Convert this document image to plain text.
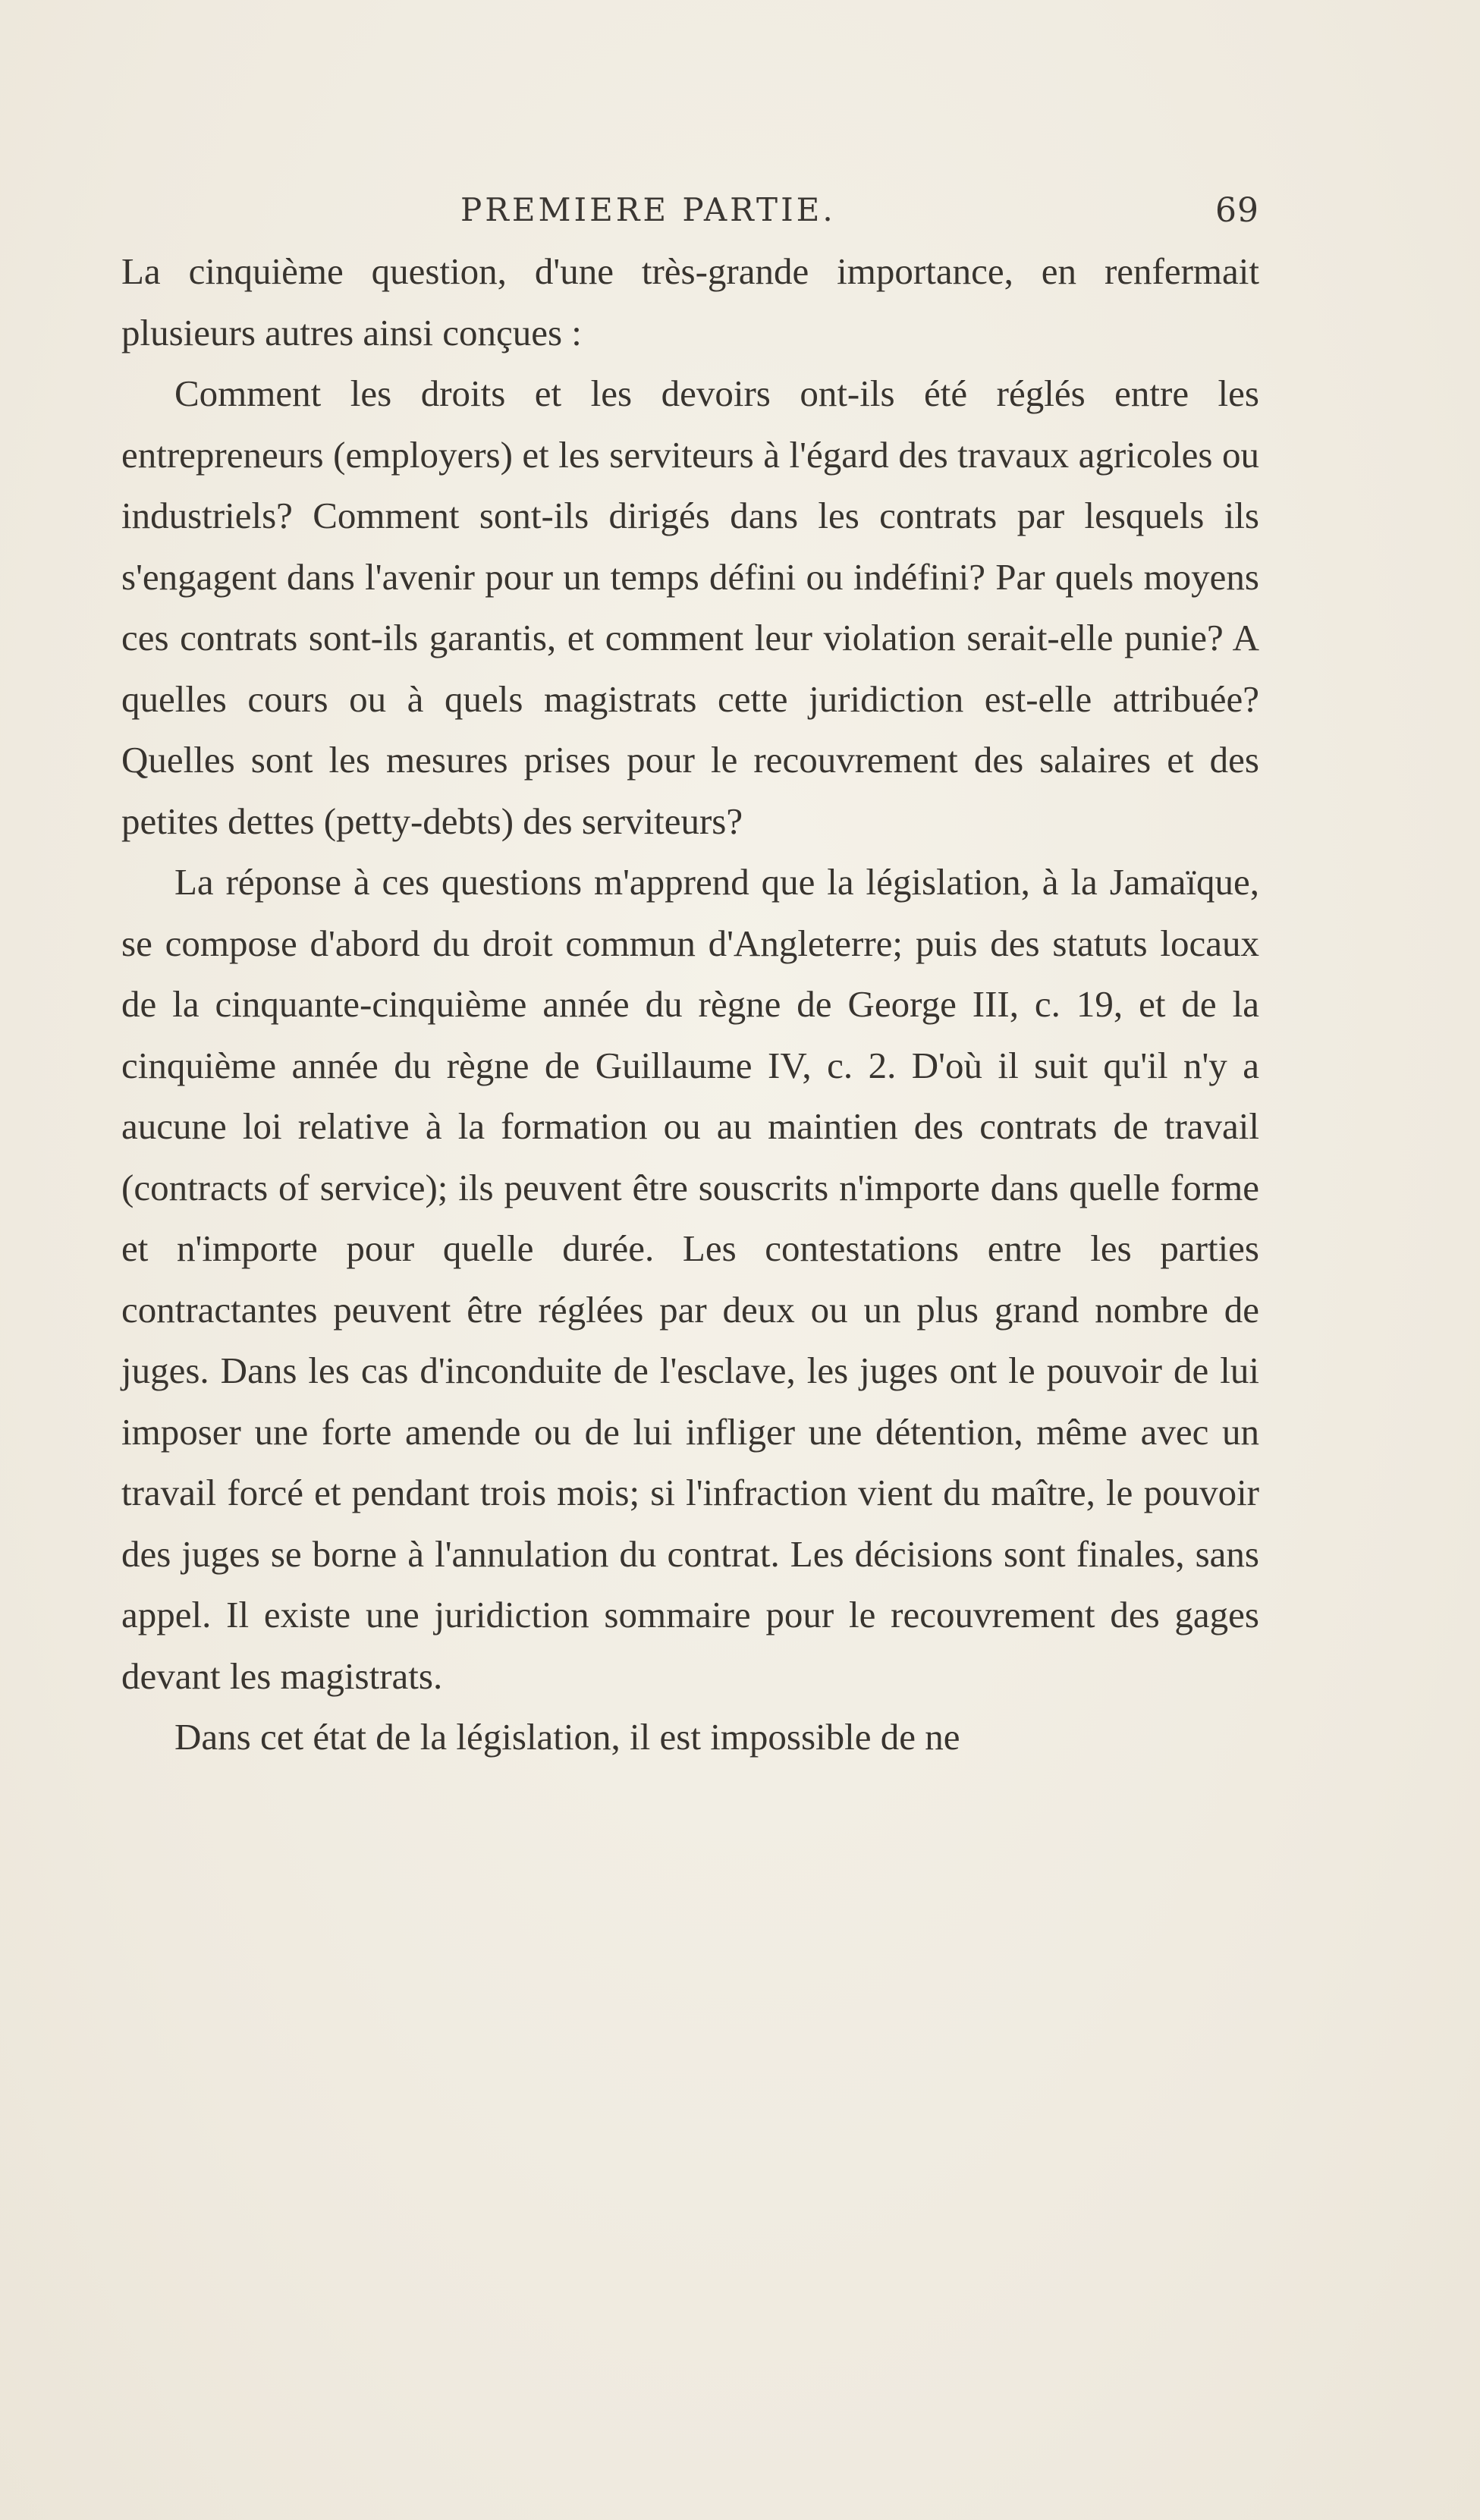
PREMIERE PARTIE.	69

La cinquième question, d'une très-grande importance, en renfermait plusieurs autres ainsi conçues :

Comment les droits et les devoirs ont-ils été réglés entre les entrepreneurs (employers) et les serviteurs à l'égard des travaux agricoles ou industriels? Comment sont-ils dirigés dans les contrats par lesquels ils s'engagent dans l'avenir pour un temps défini ou indéfini? Par quels moyens ces contrats sont-ils garantis, et comment leur violation serait-elle punie? A quelles cours ou à quels magistrats cette juridiction est-elle attribuée? Quelles sont les mesures prises pour le recouvrement des salaires et des petites dettes (petty-debts) des serviteurs?

La réponse à ces questions m'apprend que la législation, à la Jamaïque, se compose d'abord du droit commun d'Angleterre; puis des statuts locaux de la cinquante-cinquième année du règne de George III, c. 19, et de la cinquième année du règne de Guillaume IV, c. 2. D'où il suit qu'il n'y a aucune loi relative à la formation ou au maintien des contrats de travail (contracts of service); ils peuvent être souscrits n'importe dans quelle forme et n'importe pour quelle durée. Les contestations entre les parties contractantes peuvent être réglées par deux ou un plus grand nombre de juges. Dans les cas d'inconduite de l'esclave, les juges ont le pouvoir de lui imposer une forte amende ou de lui infliger une détention, même avec un travail forcé et pendant trois mois; si l'infraction vient du maître, le pouvoir des juges se borne à l'annulation du contrat. Les décisions sont finales, sans appel. Il existe une juridiction sommaire pour le recouvrement des gages devant les magistrats.

Dans cet état de la législation, il est impossible de ne
